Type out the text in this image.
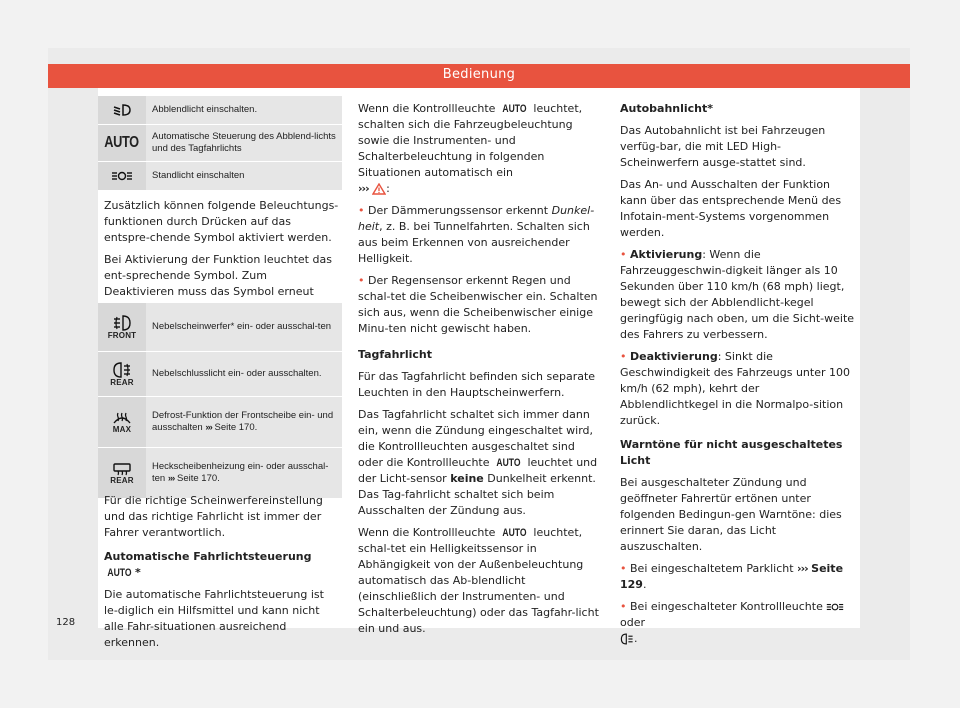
Bedienung
Abblendlicht einschalten.
AUTO	Automatische Steuerung des Abblend-lichts und des Tagfahrlichts
Standlicht einschalten

Zusätzlich können folgende Beleuchtungs-funktionen durch Drücken auf das entspre-chende Symbol aktiviert werden.

Bei Aktivierung der Funktion leuchtet das ent-sprechende Symbol. Zum Deaktivieren muss das Symbol erneut

FRONT
Nebelscheinwerfer* ein- oder ausschal-ten
REAR
Nebelschlusslicht ein- oder ausschalten.
MAX
Defrost-Funktion der Frontscheibe ein- und ausschalten ››› Seite 170.
REAR
Heckscheibenheizung ein- oder ausschal-ten ››› Seite 170.

Für die richtige Scheinwerfereinstellung und das richtige Fahrlicht ist immer der Fahrer verantwortlich.

Automatische Fahrlichtsteuerung AUTO *

Die automatische Fahrlichtsteuerung ist le-diglich ein Hilfsmittel und kann nicht alle Fahr-situationen ausreichend erkennen.

Wenn die Kontrollleuchte AUTO leuchtet, schalten sich die Fahrzeugbeleuchtung sowie die Instrumenten- und Schalterbeleuchtung in folgenden Situationen automatisch ein
››› :

• Der Dämmerungssensor erkennt Dunkel-heit, z. B. bei Tunnelfahrten. Schalten sich aus beim Erkennen von ausreichender Helligkeit.

• Der Regensensor erkennt Regen und schal-tet die Scheibenwischer ein. Schalten sich aus, wenn die Scheibenwischer einige Minu-ten nicht gewischt haben.

Tagfahrlicht

Für das Tagfahrlicht befinden sich separate Leuchten in den Hauptscheinwerfern.

Das Tagfahrlicht schaltet sich immer dann ein, wenn die Zündung eingeschaltet wird, die Kontrollleuchten ausgeschaltet sind oder die Kontrollleuchte AUTO leuchtet und der Licht-sensor keine Dunkelheit erkennt. Das Tag-fahrlicht schaltet sich beim Ausschalten der Zündung aus.

Wenn die Kontrollleuchte AUTO leuchtet, schal-tet ein Helligkeitssensor in Abhängigkeit von der Außenbeleuchtung automatisch das Ab-blendlicht (einschließlich der Instrumenten- und Schalterbeleuchtung) oder das Tagfahr-licht ein und aus.

Autobahnlicht*

Das Autobahnlicht ist bei Fahrzeugen verfüg-bar, die mit LED High-Scheinwerfern ausge-stattet sind.

Das An- und Ausschalten der Funktion kann über das entsprechende Menü des Infotain-ment-Systems vorgenommen werden.

• Aktivierung: Wenn die Fahrzeuggeschwin-digkeit länger als 10 Sekunden über 110 km/h (68 mph) liegt, bewegt sich der Abblendlicht-kegel geringfügig nach oben, um die Sicht-weite des Fahrers zu verbessern.

• Deaktivierung: Sinkt die Geschwindigkeit des Fahrzeugs unter 100 km/h (62 mph), kehrt der Abblendlichtkegel in die Normalpo-sition zurück.

Warntöne für nicht ausgeschaltetes Licht

Bei ausgeschalteter Zündung und geöffneter Fahrertür ertönen unter folgenden Bedingun-gen Warntöne: dies erinnert Sie daran, das Licht auszuschalten.

• Bei eingeschaltetem Parklicht ››› Seite 129.

• Bei eingeschalteter Kontrollleuchte  oder
.

128
